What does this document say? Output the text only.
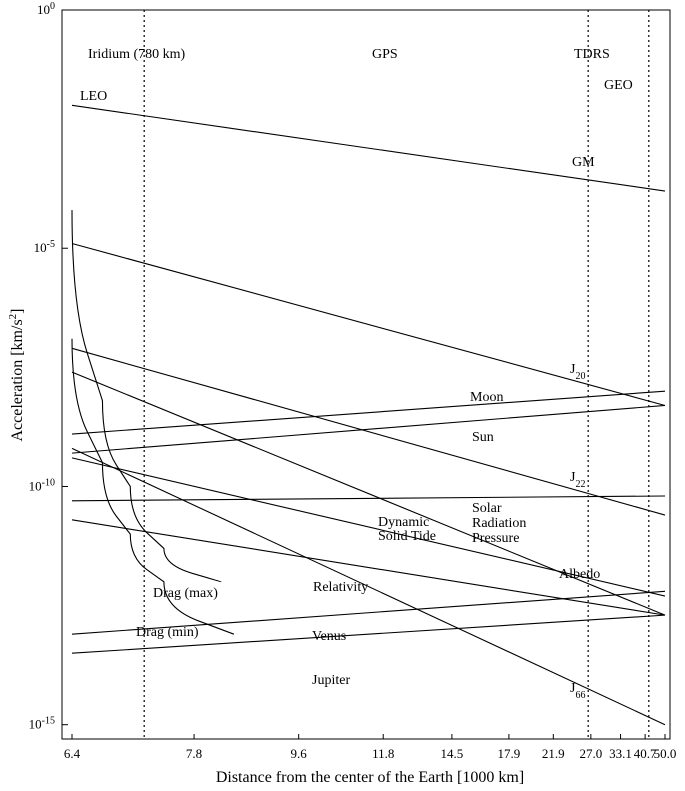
6.4	7.8	9.6	11.8	14.5	17.9 21.9 27.0 33.1 40.7
50.0
$10^0$
$10^{-5}$
$10^{-10}$
$10^{-15}$
Iridium (780 km)
LEO
GPS	TDRS
GEO
GM
$J_{20}$
Moon
Sun
$J_{22}$
Solar
Radiation
Pressure
Dynamic
Solid Tide
Albedo
Relativity
Venus
Jupiter
$J_{66}$
Drag (max)
Drag (min)
Distance from the center of the Earth [1000 km]
Acceleration $[km/s^2]$
